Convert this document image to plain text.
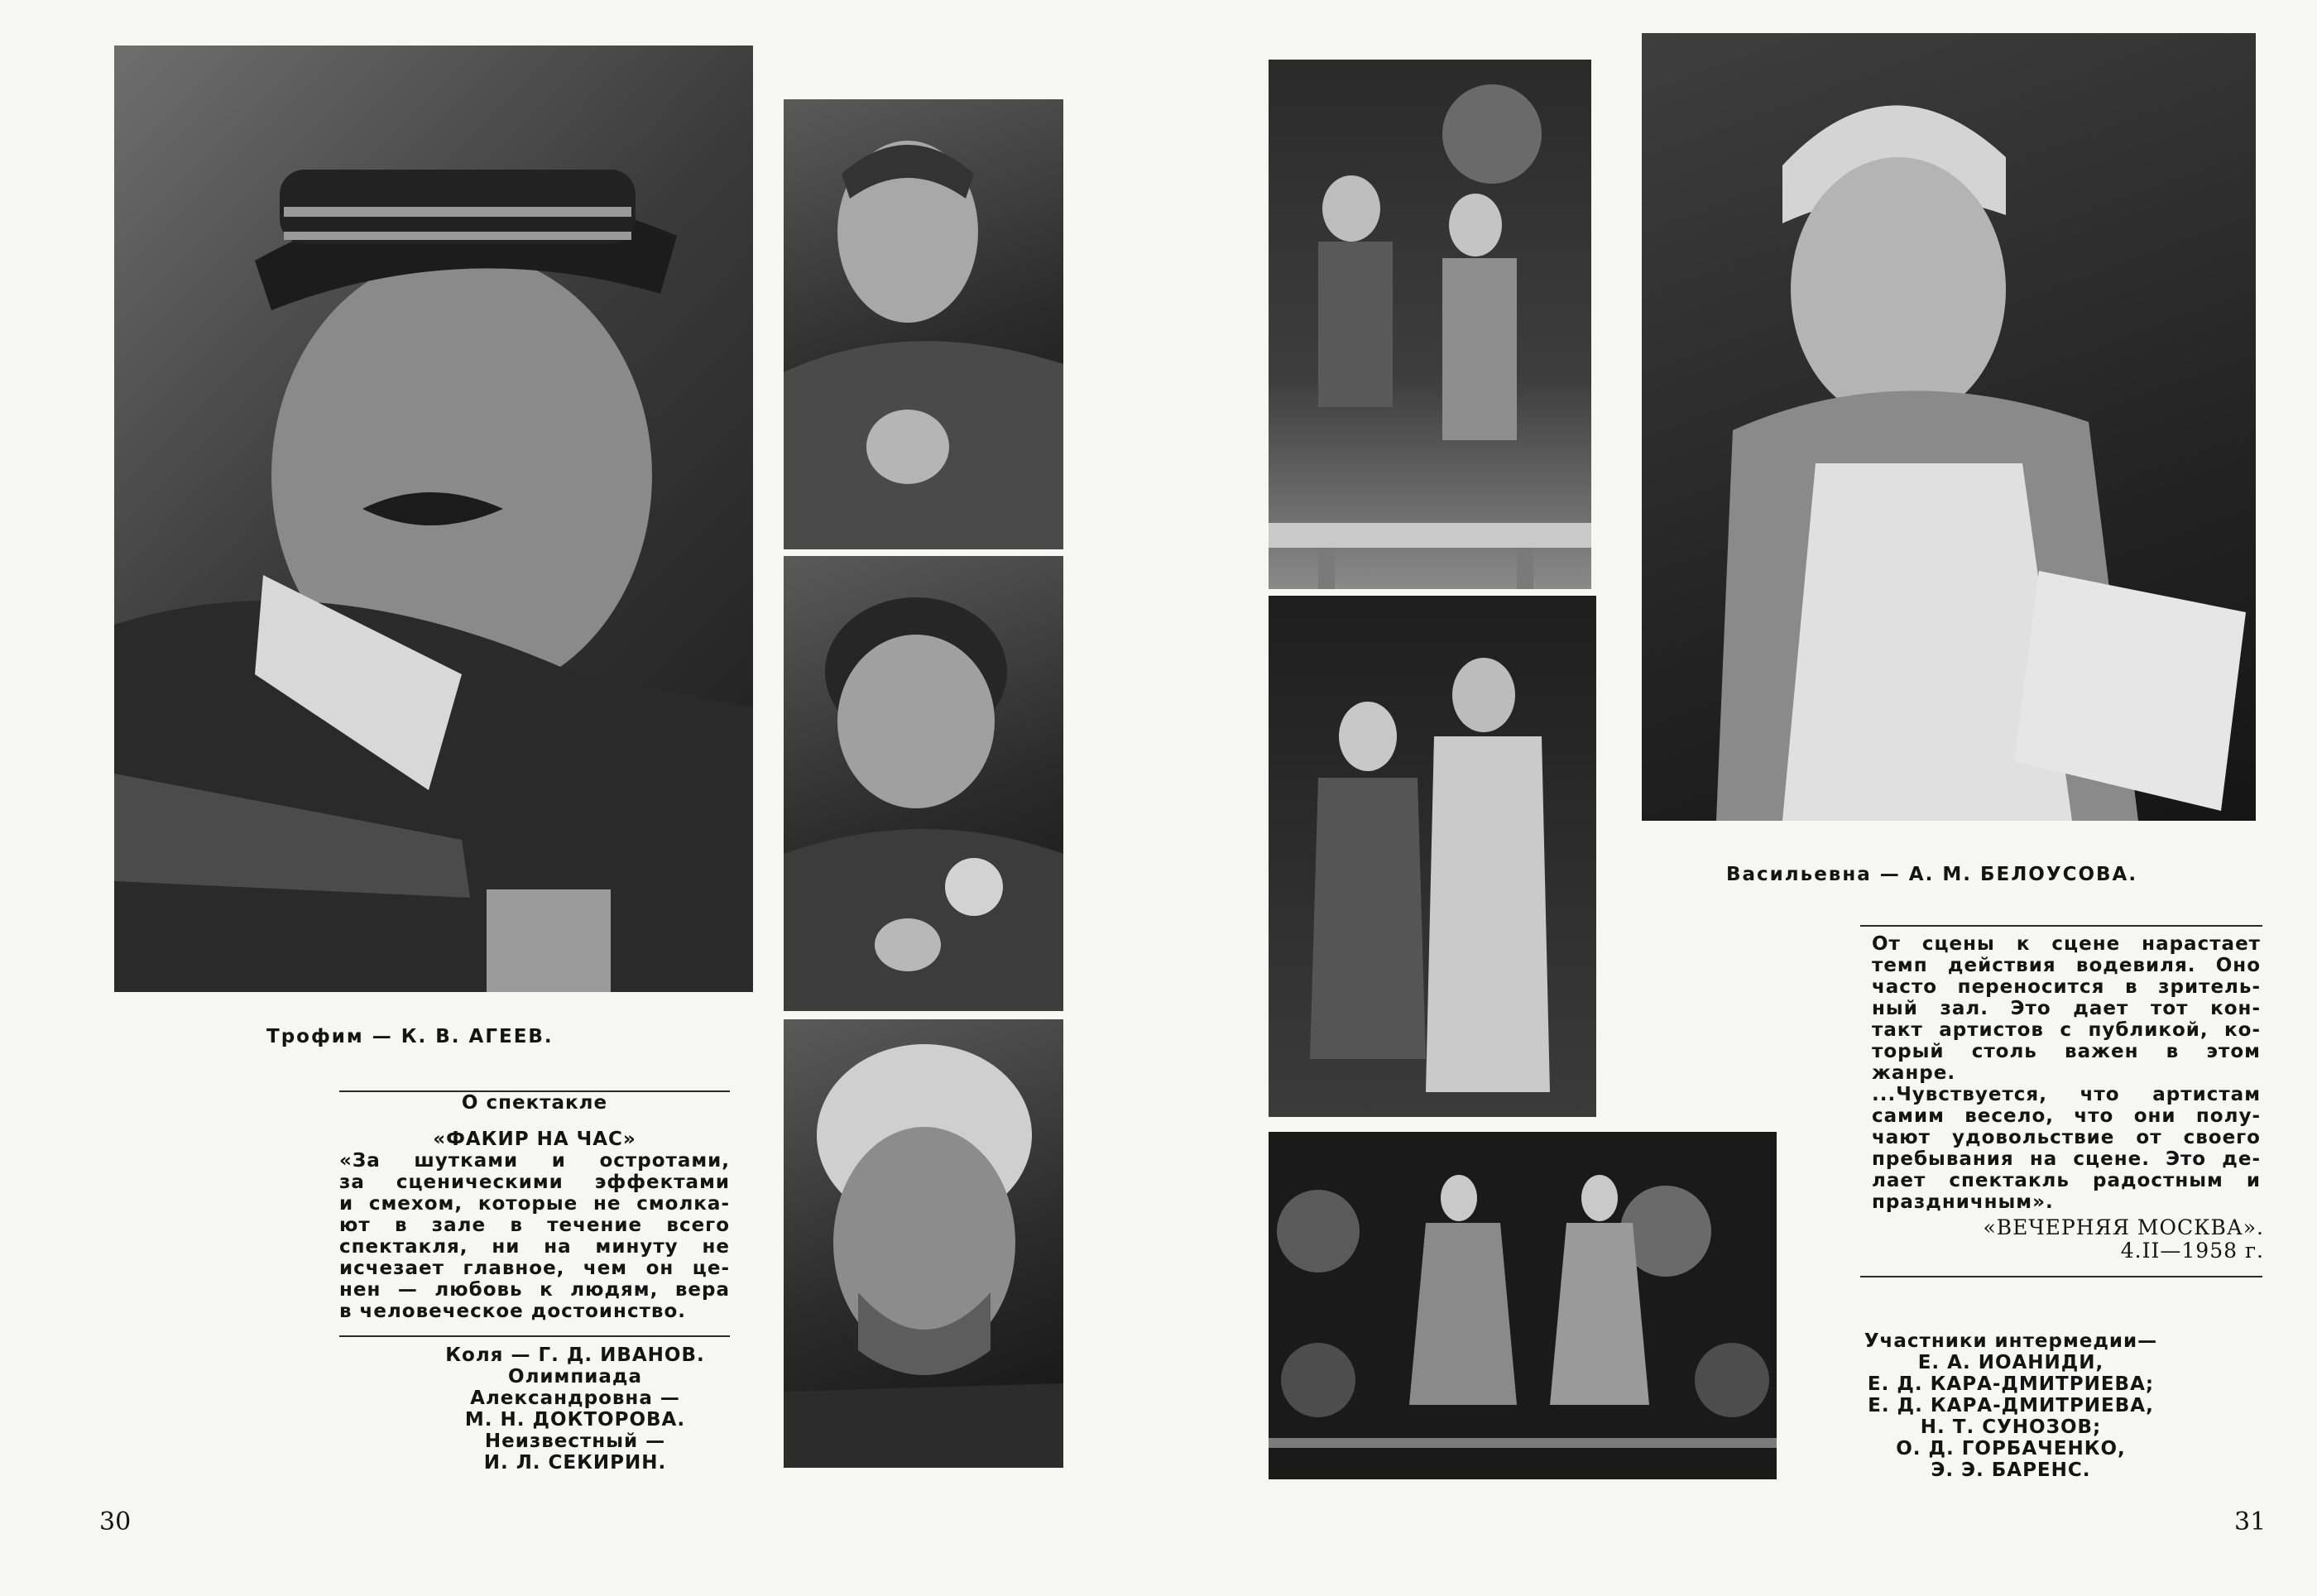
Трофим — К. В. АГЕЕВ.
О спектакле
«ФАКИР НА ЧАС»
«За шутками и остротами,
за сценическими эффектами
и смехом, которые не смолка-
ют в зале в течение всего
спектакля, ни на минуту не
исчезает главное, чем он це-
нен — любовь к людям, вера
в человеческое достоинство.
Коля — Г. Д. ИВАНОВ.
Олимпиада
Александровна —
М. Н. ДОКТОРОВА.
Неизвестный —
И. Л. СЕКИРИН.
30
Васильевна — А. М. БЕЛОУСОВА.
От сцены к сцене нарастает
темп действия водевиля. Оно
часто переносится в зритель-
ный зал. Это дает тот кон-
такт артистов с публикой, ко-
торый столь важен в этом
жанре.
...Чувствуется, что артистам
самим весело, что они полу-
чают удовольствие от своего
пребывания на сцене. Это де-
лает спектакль радостным и
праздничным».
«ВЕЧЕРНЯЯ МОСКВА».
4.II—1958 г.
Участники интермедии—
Е. А. ИОАНИДИ,
Е. Д. КАРА-ДМИТРИЕВА;
Е. Д. КАРА-ДМИТРИЕВА,
Н. Т. СУНОЗОВ;
О. Д. ГОРБАЧЕНКО,
Э. Э. БАРЕНС.
31
